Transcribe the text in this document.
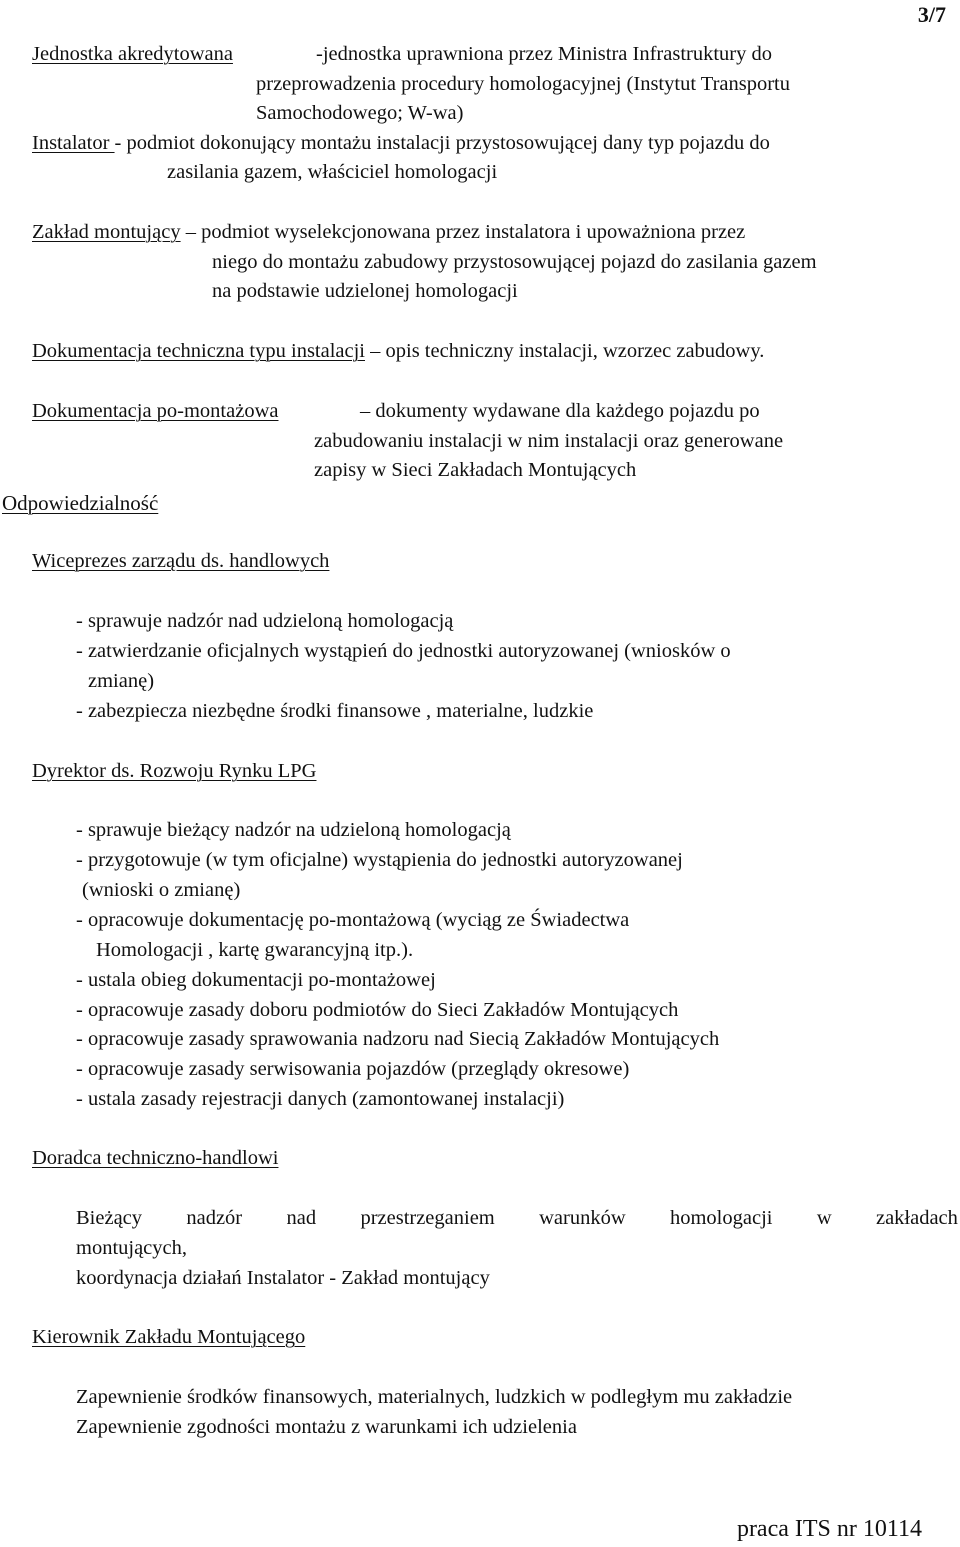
3/7
Jednostka akredytowana	-jednostka uprawniona przez Ministra Infrastruktury do
przeprowadzenia procedury homologacyjnej (Instytut Transportu
Samochodowego; W-wa)
Instalator - podmiot dokonujący montażu instalacji przystosowującej dany typ pojazdu do
zasilania gazem, właściciel homologacji
Zakład montujący – podmiot wyselekcjonowana przez instalatora i upoważniona przez
niego do montażu zabudowy przystosowującej pojazd do zasilania gazem
na podstawie udzielonej homologacji
Dokumentacja techniczna typu instalacji – opis techniczny instalacji, wzorzec zabudowy.
Dokumentacja po-montażowa	– dokumenty wydawane dla każdego pojazdu po
zabudowaniu instalacji w nim instalacji oraz generowane
zapisy w Sieci Zakładach Montujących
Odpowiedzialność
Wiceprezes zarządu ds. handlowych
- sprawuje nadzór nad udzieloną homologacją
- zatwierdzanie oficjalnych wystąpień do jednostki autoryzowanej (wniosków o
zmianę)
- zabezpiecza niezbędne środki finansowe , materialne, ludzkie
Dyrektor ds. Rozwoju Rynku LPG
- sprawuje bieżący nadzór na udzieloną homologacją
- przygotowuje (w tym oficjalne) wystąpienia do jednostki autoryzowanej
(wnioski o zmianę)
- opracowuje dokumentację po-montażową (wyciąg ze Świadectwa
Homologacji , kartę gwarancyjną itp.).
- ustala obieg dokumentacji po-montażowej
- opracowuje zasady doboru podmiotów do Sieci Zakładów Montujących
- opracowuje zasady sprawowania nadzoru nad Siecią Zakładów Montujących
- opracowuje zasady serwisowania pojazdów (przeglądy okresowe)
- ustala zasady rejestracji danych (zamontowanej instalacji)
Doradca techniczno-handlowi
Bieżący nadzór nad przestrzeganiem warunków homologacji w zakładach
montujących,
koordynacja działań Instalator - Zakład montujący
Kierownik Zakładu Montującego
Zapewnienie środków finansowych, materialnych, ludzkich w podległym mu zakładzie
Zapewnienie zgodności montażu z warunkami ich udzielenia
praca ITS nr 10114
